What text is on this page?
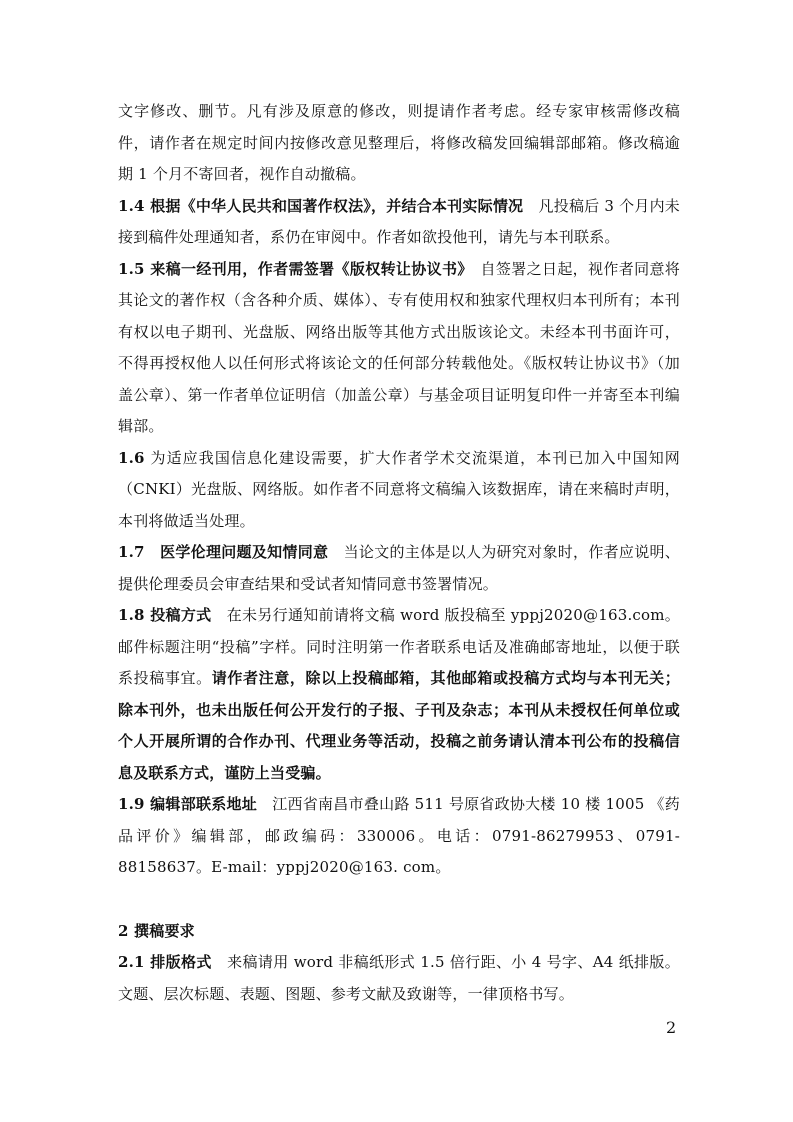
文字修改、删节。凡有涉及原意的修改，则提请作者考虑。经专家审核需修改稿件，请作者在规定时间内按修改意见整理后，将修改稿发回编辑部邮箱。修改稿逾期 1 个月不寄回者，视作自动撤稿。

1.4 根据《中华人民共和国著作权法》，并结合本刊实际情况　凡投稿后 3 个月内未接到稿件处理通知者，系仍在审阅中。作者如欲投他刊，请先与本刊联系。

1.5 来稿一经刊用，作者需签署《版权转让协议书》　自签署之日起，视作者同意将其论文的著作权（含各种介质、媒体）、专有使用权和独家代理权归本刊所有；本刊有权以电子期刊、光盘版、网络出版等其他方式出版该论文。未经本刊书面许可，不得再授权他人以任何形式将该论文的任何部分转载他处。《版权转让协议书》（加盖公章）、第一作者单位证明信（加盖公章）与基金项目证明复印件一并寄至本刊编辑部。

1.6 为适应我国信息化建设需要，扩大作者学术交流渠道，本刊已加入中国知网（CNKI）光盘版、网络版。如作者不同意将文稿编入该数据库，请在来稿时声明，本刊将做适当处理。

1.7　医学伦理问题及知情同意　当论文的主体是以人为研究对象时，作者应说明、提供伦理委员会审查结果和受试者知情同意书签署情况。

1.8 投稿方式　在未另行通知前请将文稿 word 版投稿至 yppj2020@163.com。邮件标题注明“投稿”字样。同时注明第一作者联系电话及准确邮寄地址，以便于联系投稿事宜。请作者注意，除以上投稿邮箱，其他邮箱或投稿方式均与本刊无关；除本刊外，也未出版任何公开发行的子报、子刊及杂志；本刊从未授权任何单位或个人开展所谓的合作办刊、代理业务等活动，投稿之前务请认清本刊公布的投稿信息及联系方式，谨防上当受骗。

1.9 编辑部联系地址　江西省南昌市叠山路 511 号原省政协大楼 10 楼 1005 《药品评价》编辑部，邮政编码：330006。电话：0791-86279953、0791-88158637。E-mail：yppj2020@163. com。

2 撰稿要求

2.1 排版格式　来稿请用 word 非稿纸形式 1.5 倍行距、小 4 号字、A4 纸排版。文题、层次标题、表题、图题、参考文献及致谢等，一律顶格书写。

2
